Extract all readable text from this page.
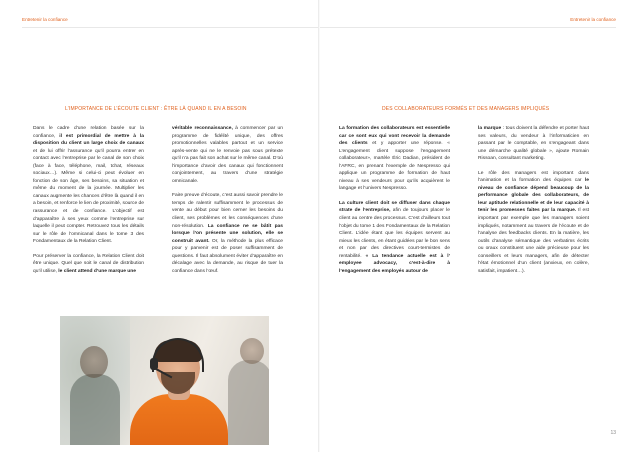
Entretenir la confiance	Entretenir la confiance
L’IMPORTANCE DE L’ÉCOUTE CLIENT : ÊTRE LÀ QUAND IL EN A BESOIN	DES COLLABORATEURS FORMÉS ET DES MANAGERS IMPLIQUÉS

Dans le cadre d’une relation basée sur la confiance, il est primordial de mettre à la disposition du client un large choix de canaux et de lui offrir l’assurance qu’il pourra entrer en contact avec l’entreprise par le canal de son choix (face à face, téléphone, mail, tchat, réseaux sociaux…). Même si celui-ci peut évoluer en fonction de son âge, ses besoins, sa situation et même du moment de la journée. Multiplier les canaux augmente les chances d’être là quand il en a besoin, et renforce le lien de proximité, source de rassurance et de confiance. L’objectif est d’apparaître à ses yeux comme l’entreprise sur laquelle il peut compter. Retrouvez tous les détails sur le rôle de l’omnicanal dans le tome 3 des Fondamentaux de la Relation Client.

Pour préserver la confiance, la Relation Client doit être unique. Quel que soit le canal de distribution qu’il utilise, le client attend d’une marque une

véritable reconnaissance, à commencer par un programme de fidélité unique, des offres promotionnelles valables partout et un service après-vente qui ne le renvoie pas sous prétexte qu’il n’a pas fait son achat sur le même canal. D’où l’importance d’avoir des canaux qui fonctionnent conjointement, au travers d’une stratégie omnicanale.

Faire preuve d’écoute, c’est aussi savoir prendre le temps de ralentir suffisamment le processus de vente au début pour bien cerner les besoins du client, ses problèmes et les conséquences d’une non-résolution. La confiance ne se bâtit pas lorsque l’on présente une solution, elle se construit avant. Or, la méthode la plus efficace pour y parvenir est de poser suffisamment de questions. Il faut absolument éviter d’apparaître en décalage avec la demande, au risque de tuer la confiance dans l’œuf.

La formation des collaborateurs est essentielle car ce sont eux qui vont recevoir la demande des clients et y apporter une réponse. « L’engagement client suppose l’engagement collaborateur», martèle Éric Dadian, président de l’AFRC, en prenant l’exemple de Nespresso qui applique un programme de formation de haut niveau à ses vendeurs pour qu’ils acquièrent le langage et l’univers Nespresso.

La culture client doit se diffuser dans chaque strate de l’entreprise, afin de toujours placer le client au centre des processus. C’est d’ailleurs tout l’objet du tome 1 des Fondamentaux de la Relation Client. L’idée étant que les équipes servent au mieux les clients, en étant guidées par le bon sens et non par des directives court-termistes de rentabilité. « La tendance actuelle est à l’ employee advocacy, c’est-à-dire à l’engagement des employés autour de

la marque : tous doivent la défendre et porter haut ses valeurs, du vendeur à l’informaticien en passant par le comptable, en s’engageant dans une démarche qualité globale », ajoute Romain Rissoan, consultant marketing.

Le rôle des managers est important dans l’animation et la formation des équipes car le niveau de confiance dépend beaucoup de la performance globale des collaborateurs, de leur aptitude relationnelle et de leur capacité à tenir les promesses faites par la marque. Il est important par exemple que les managers soient impliqués, notamment au travers de l’écoute et de l’analyse des feedbacks clients. En la matière, les outils d’analyse sémantique des verbatims écrits ou oraux constituent une aide précieuse pour les conseillers et leurs managers, afin de détecter l’état émotionnel d’un client (anxieux, en colère, satisfait, impatient…).

13
